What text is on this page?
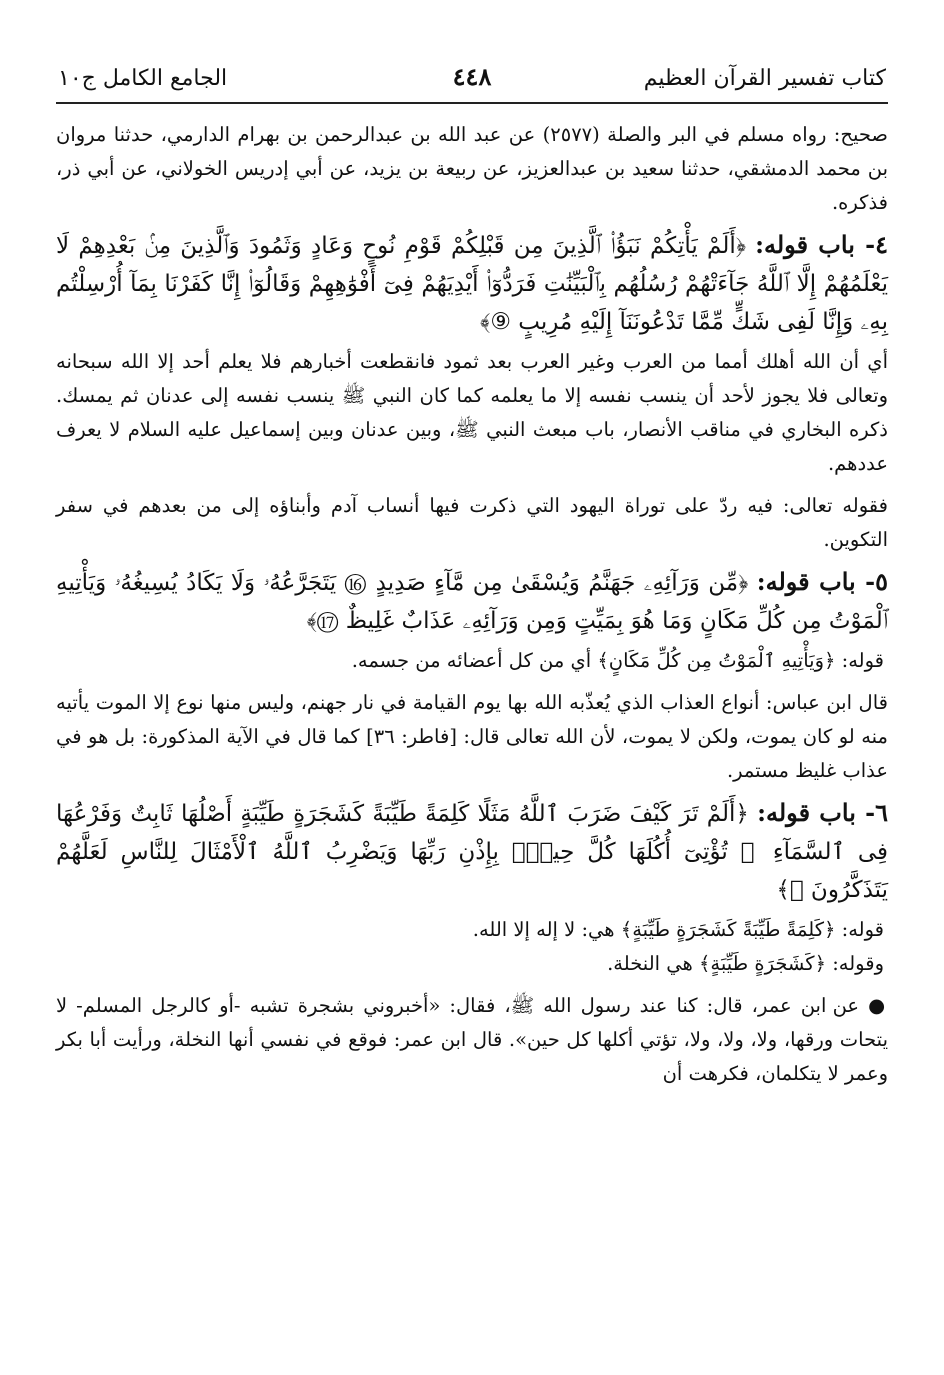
كتاب تفسير القرآن العظيم
٤٤٨
الجامع الكامل ج١٠

صحيح: رواه مسلم في البر والصلة (٢٥٧٧) عن عبد الله بن عبدالرحمن بن بهرام الدارمي، حدثنا مروان بن محمد الدمشقي، حدثنا سعيد بن عبدالعزيز، عن ربيعة بن يزيد، عن أبي إدريس الخولاني، عن أبي ذر، فذكره.

٤- باب قوله: ﴿أَلَمْ يَأْتِكُمْ نَبَؤُا۟ ٱلَّذِينَ مِن قَبْلِكُمْ قَوْمِ نُوحٍ وَعَادٍ وَثَمُودَ وَٱلَّذِينَ مِنۢ بَعْدِهِمْ لَا يَعْلَمُهُمْ إِلَّا ٱللَّهُ جَآءَتْهُمْ رُسُلُهُم بِٱلْبَيِّنَٰتِ فَرَدُّوٓا۟ أَيْدِيَهُمْ فِىٓ أَفْوَٰهِهِمْ وَقَالُوٓا۟ إِنَّا كَفَرْنَا بِمَآ أُرْسِلْتُم بِهِۦ وَإِنَّا لَفِى شَكٍّ مِّمَّا تَدْعُونَنَآ إِلَيْهِ مُرِيبٍ ⑨﴾

أي أن الله أهلك أمما من العرب وغير العرب بعد ثمود فانقطعت أخبارهم فلا يعلم أحد إلا الله سبحانه وتعالى فلا يجوز لأحد أن ينسب نفسه إلا ما يعلمه كما كان النبي ﷺ ينسب نفسه إلى عدنان ثم يمسك. ذكره البخاري في مناقب الأنصار، باب مبعث النبي ﷺ، وبين عدنان وبين إسماعيل عليه السلام لا يعرف عددهم.

فقوله تعالى: فيه ردّ على توراة اليهود التي ذكرت فيها أنساب آدم وأبناؤه إلى من بعدهم في سفر التكوين.

٥- باب قوله: ﴿مِّن وَرَآئِهِۦ جَهَنَّمُ وَيُسْقَىٰ مِن مَّآءٍ صَدِيدٍ ⑯ يَتَجَرَّعُهُۥ وَلَا يَكَادُ يُسِيغُهُۥ وَيَأْتِيهِ ٱلْمَوْتُ مِن كُلِّ مَكَانٍ وَمَا هُوَ بِمَيِّتٍ وَمِن وَرَآئِهِۦ عَذَابٌ غَلِيظٌ ⑰﴾

قوله: ﴿وَيَأْتِيهِ ٱلْمَوْتُ مِن كُلِّ مَكَانٍ﴾ أي من كل أعضائه من جسمه.

قال ابن عباس: أنواع العذاب الذي يُعذّبه الله بها يوم القيامة في نار جهنم، وليس منها نوع إلا الموت يأتيه منه لو كان يموت، ولكن لا يموت، لأن الله تعالى قال: [فاطر: ٣٦] كما قال في الآية المذكورة: بل هو في عذاب غليظ مستمر.

٦- باب قوله: ﴿أَلَمْ تَرَ كَيْفَ ضَرَبَ ٱللَّهُ مَثَلًا كَلِمَةً طَيِّبَةً كَشَجَرَةٍ طَيِّبَةٍ أَصْلُهَا ثَابِتٌ وَفَرْعُهَا فِى ٱلسَّمَآءِ ㉔ تُؤْتِىٓ أُكُلَهَا كُلَّ حِينٍۭ بِإِذْنِ رَبِّهَا وَيَضْرِبُ ٱللَّهُ ٱلْأَمْثَالَ لِلنَّاسِ لَعَلَّهُمْ يَتَذَكَّرُونَ ㉕﴾

قوله: ﴿كَلِمَةً طَيِّبَةً كَشَجَرَةٍ طَيِّبَةٍ﴾ هي: لا إله إلا الله.

وقوله: ﴿كَشَجَرَةٍ طَيِّبَةٍ﴾ هي النخلة.

● عن ابن عمر، قال: كنا عند رسول الله ﷺ، فقال: «أخبروني بشجرة تشبه -أو كالرجل المسلم- لا يتحات ورقها، ولا، ولا، ولا، تؤتي أكلها كل حين». قال ابن عمر: فوقع في نفسي أنها النخلة، ورأيت أبا بكر وعمر لا يتكلمان، فكرهت أن
